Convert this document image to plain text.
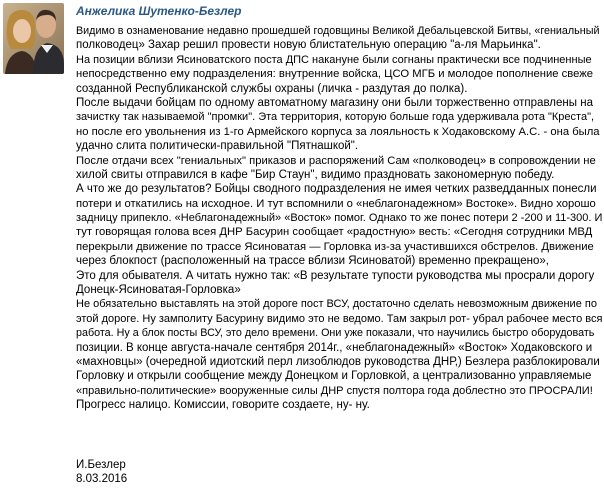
Анжелика Шутенко-Безлер
Видимо в ознаменование недавно прошедшей годовщины Великой Дебальцевской Битвы, «гениальный
полководец» Захар решил провести новую блистательную операцию "а-ля Марьинка".
На позиции вблизи Ясиноватского поста ДПС накануне были согнаны практически все подчиненные
непосредственно ему подразделения: внутренние войска, ЦСО МГБ и молодое пополнение свеже
созданной Республиканской службы охраны (личка - раздутая до полка).
После выдачи бойцам по одному автоматному магазину они были торжественно отправлены на
зачистку так называемой "промки". Эта территория, которую больше года удерживала рота "Креста",
но после его увольнения из 1-го Армейского корпуса за лояльность к Ходаковскому А.С. - она была
удачно слита политически-правильной "Пятнашкой".
После отдачи всех "гениальных" приказов и распоряжений Сам «полководец» в сопровождении не
хилой свиты отправился в кафе "Бир Стаун", видимо праздновать закономерную победу.
А что же до результатов? Бойцы сводного подразделения не имея четких разведданных понесли
потери и откатились на исходное. И тут вспомнили о «неблагонадежном» Востоке». Видно хорошо
задницу припекло. «Неблагонадежный» «Восток» помог. Однако то же понес потери 2 -200 и 11-300. И
тут говорящая голова всея ДНР Басурин сообщает «радостную» весть: «Сегодня сотрудники МВД
перекрыли движение по трассе Ясиноватая — Горловка из-за участившихся обстрелов. Движение
через блокпост (расположенный на трассе вблизи Ясиноватой) временно прекращено»,
Это для обывателя. А читать нужно так: «В результате тупости руководства мы просрали дорогу
Донецк-Ясиноватая-Горловка»
Не обязательно выставлять на этой дороге пост ВСУ, достаточно сделать невозможным движение по
этой дороге. Ну замполиту Басурину видимо это не ведомо. Там закрыл рот- убрал рабочее место вся
работа. Ну а блок посты ВСУ, это дело времени. Они уже показали, что научились быстро оборудовать
позиции. В конце августа-начале сентября 2014г., «неблагонадежный» «Восток» Ходаковского и
«махновцы» (очередной идиотский перл лизоблюдов руководства ДНР,) Безлера разблокировали
Горловку и открыли сообщение между Донецком и Горловкой, а централизованно управляемые
«правильно-политические» вооруженные силы ДНР спустя полтора года доблестно это ПРОСРАЛИ!
Прогресс налицо. Комиссии, говорите создаете, ну- ну.
И.Безлер
8.03.2016
